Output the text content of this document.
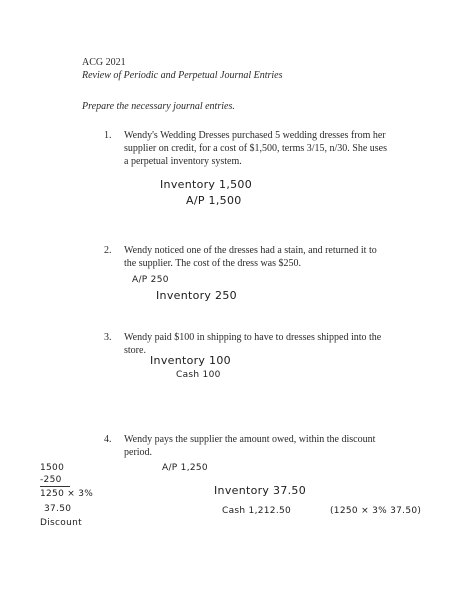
ACG 2021
Review of Periodic and Perpetual Journal Entries
Prepare the necessary journal entries.
1. Wendy's Wedding Dresses purchased 5 wedding dresses from her
supplier on credit, for a cost of $1,500, terms 3/15, n/30. She uses
a perpetual inventory system.
Inventory 1,500
A/P 1,500
2. Wendy noticed one of the dresses had a stain, and returned it to
the supplier. The cost of the dress was $250.
A/P 250
Inventory 250
3. Wendy paid $100 in shipping to have to dresses shipped into the
store.
Inventory 100
Cash 100
4. Wendy pays the supplier the amount owed, within the discount
period.
A/P 1,250
Inventory 37.50
Cash 1,212.50	(1250 × 3% 37.50)
1500
-250
1250 × 3%
37.50
Discount
